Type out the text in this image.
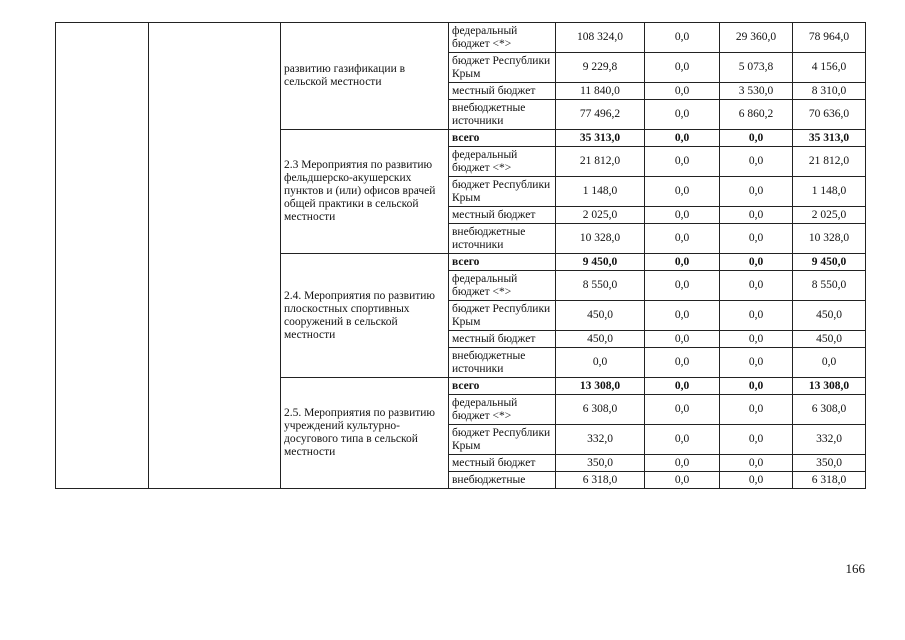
		развитию газификации в сельской местности	федеральный бюджет <*>	108 324,0	0,0	29 360,0	78 964,0
			бюджет Республики Крым	9 229,8	0,0	5 073,8	4 156,0
			местный бюджет	11 840,0	0,0	3 530,0	8 310,0
			внебюджетные источники	77 496,2	0,0	6 860,2	70 636,0
		2.3 Мероприятия по развитию фельдшерско-акушерских пунктов и (или) офисов врачей общей практики в сельской местности	всего	35 313,0	0,0	0,0	35 313,0
			федеральный бюджет <*>	21 812,0	0,0	0,0	21 812,0
			бюджет Республики Крым	1 148,0	0,0	0,0	1 148,0
			местный бюджет	2 025,0	0,0	0,0	2 025,0
			внебюджетные источники	10 328,0	0,0	0,0	10 328,0
		2.4. Мероприятия по развитию плоскостных спортивных сооружений в сельской местности	всего	9 450,0	0,0	0,0	9 450,0
			федеральный бюджет <*>	8 550,0	0,0	0,0	8 550,0
			бюджет Республики Крым	450,0	0,0	0,0	450,0
			местный бюджет	450,0	0,0	0,0	450,0
			внебюджетные источники	0,0	0,0	0,0	0,0
		2.5. Мероприятия по развитию учреждений культурно-досугового типа в сельской местности	всего	13 308,0	0,0	0,0	13 308,0
			федеральный бюджет <*>	6 308,0	0,0	0,0	6 308,0
			бюджет Республики Крым	332,0	0,0	0,0	332,0
			местный бюджет	350,0	0,0	0,0	350,0
			внебюджетные	6 318,0	0,0	0,0	6 318,0
166
